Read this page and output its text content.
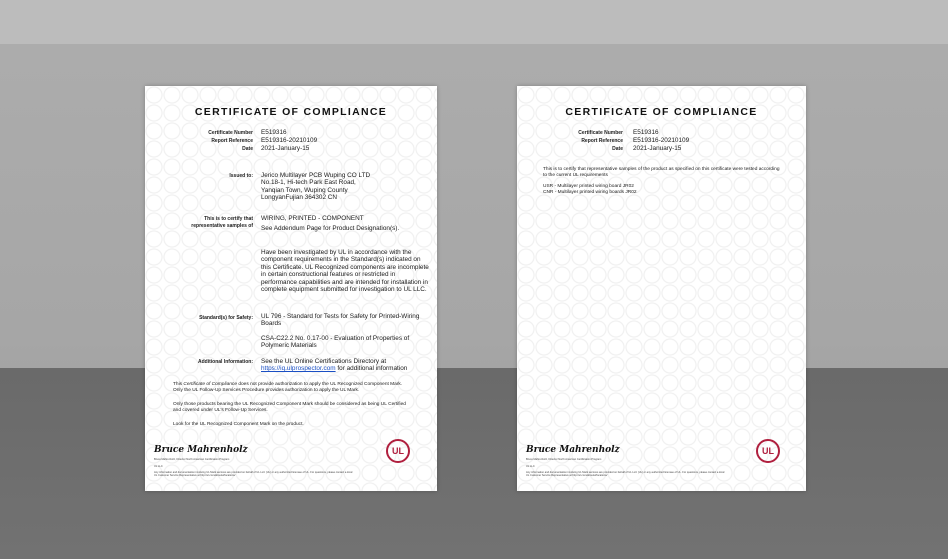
CERTIFICATE OF COMPLIANCE
Certificate Number
Report Reference
Date
E519316
E519316-20210109
2021-January-15
Issued to: Jerico Multilayer PCB Wuping CO LTD
No.18-1, Hi-tech Park East Road,
Yanqian Town, Wuping County
LongyanFujian 364302 CN
This is to certify that
representative samples of
WIRING, PRINTED - COMPONENT
See Addendum Page for Product Designation(s).
Have been investigated by UL in accordance with the
component requirements in the Standard(s) indicated on
this Certificate. UL Recognized components are incomplete
in certain constructional features or restricted in
performance capabilities and are intended for installation in
complete equipment submitted for investigation to UL LLC.
Standard(s) for Safety: UL 796 - Standard for Tests for Safety for Printed-Wiring
Boards
CSA-C22.2 No. 0.17-00 - Evaluation of Properties of
Polymeric Materials
Additional Information: See the UL Online Certifications Directory at
https://iq.ulprospector.com for additional information
This Certificate of Compliance does not provide authorization to apply the UL Recognized Component Mark.
Only the UL Follow-Up Services Procedure provides authorization to apply the UL Mark.
Only those products bearing the UL Recognized Component Mark should be considered as being UL Certified
and covered under UL's Follow-Up Services.
Look for the UL Recognized Component Mark on the product.
Bruce Mahrenholz
Bruce Mahrenholz, Director North American Certification Program
UL LLC
Any information and documentation involving UL Mark services are provided on behalf of UL LLC (UL) or any authorized licensee of UL. For questions, please contact a local UL Customer Service Representative at http://ul.com/aboutul/locations/
UL
CERTIFICATE OF COMPLIANCE
Certificate Number
Report Reference
Date
E519316
E519316-20210109
2021-January-15
This is to certify that representative samples of the product as specified on this certificate were tested according
to the current UL requirements
USR - Multilayer printed wiring board JR02
CNR - Multilayer printed wiring boards JR02
Bruce Mahrenholz
Bruce Mahrenholz, Director North American Certification Program
UL LLC
Any information and documentation involving UL Mark services are provided on behalf of UL LLC (UL) or any authorized licensee of UL. For questions, please contact a local UL Customer Service Representative at http://ul.com/aboutul/locations/
UL
